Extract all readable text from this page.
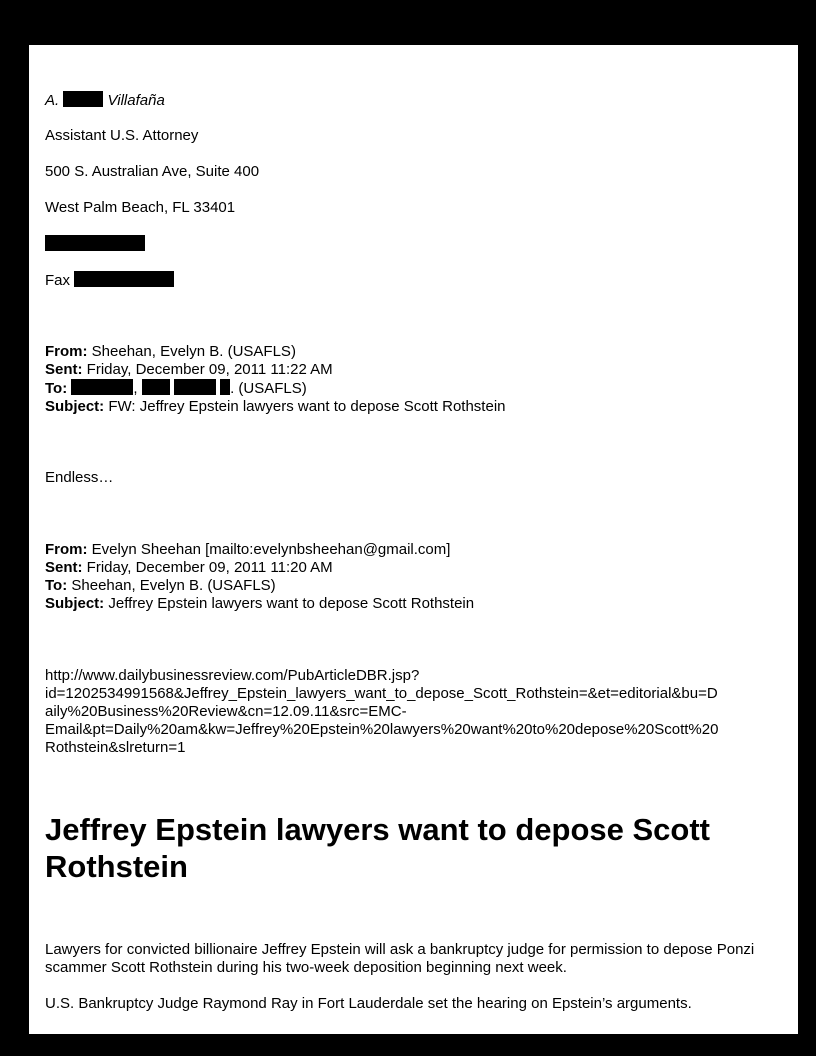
A.	Villafaña
Assistant U.S. Attorney
500 S. Australian Ave, Suite 400
West Palm Beach, FL 33401
Fax
From: Sheehan, Evelyn B. (USAFLS)
Sent: Friday, December 09, 2011 11:22 AM
To:	,	. (USAFLS)
Subject: FW: Jeffrey Epstein lawyers want to depose Scott Rothstein
Endless…
From: Evelyn Sheehan [mailto:evelynbsheehan@gmail.com]
Sent: Friday, December 09, 2011 11:20 AM
To: Sheehan, Evelyn B. (USAFLS)
Subject: Jeffrey Epstein lawyers want to depose Scott Rothstein
http://www.dailybusinessreview.com/PubArticleDBR.jsp?
id=1202534991568&Jeffrey_Epstein_lawyers_want_to_depose_Scott_Rothstein=&et=editorial&bu=D
aily%20Business%20Review&cn=12.09.11&src=EMC-
Email&pt=Daily%20am&kw=Jeffrey%20Epstein%20lawyers%20want%20to%20depose%20Scott%20
Rothstein&slreturn=1
Jeffrey Epstein lawyers want to depose Scott Rothstein

Lawyers for convicted billionaire Jeffrey Epstein will ask a bankruptcy judge for permission to depose Ponzi scammer Scott Rothstein during his two-week deposition beginning next week.

U.S. Bankruptcy Judge Raymond Ray in Fort Lauderdale set the hearing on Epstein’s arguments.
